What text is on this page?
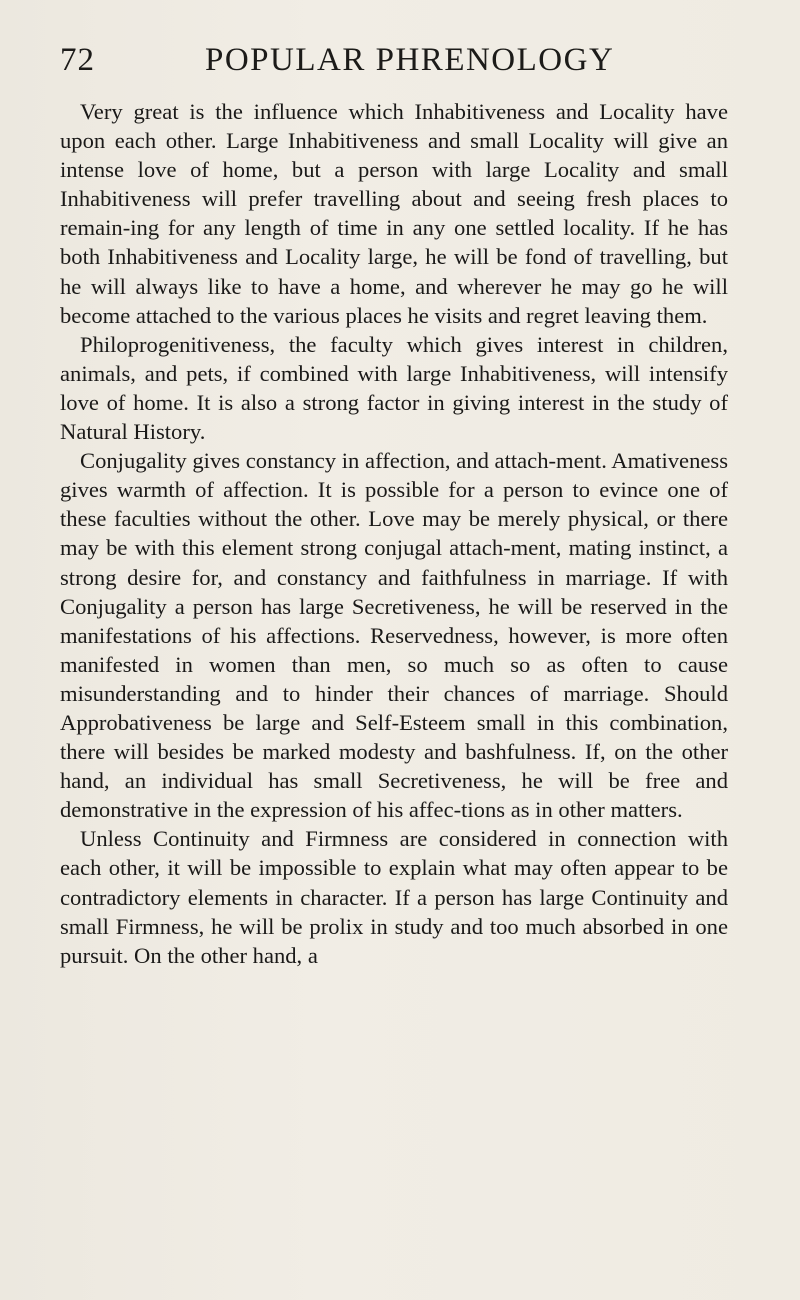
72	POPULAR PHRENOLOGY

Very great is the influence which Inhabitiveness and Locality have upon each other. Large Inhabitiveness and small Locality will give an intense love of home, but a person with large Locality and small Inhabitiveness will prefer travelling about and seeing fresh places to remain-ing for any length of time in any one settled locality. If he has both Inhabitiveness and Locality large, he will be fond of travelling, but he will always like to have a home, and wherever he may go he will become attached to the various places he visits and regret leaving them.

Philoprogenitiveness, the faculty which gives interest in children, animals, and pets, if combined with large Inhabitiveness, will intensify love of home. It is also a strong factor in giving interest in the study of Natural History.

Conjugality gives constancy in affection, and attach-ment. Amativeness gives warmth of affection. It is possible for a person to evince one of these faculties without the other. Love may be merely physical, or there may be with this element strong conjugal attach-ment, mating instinct, a strong desire for, and constancy and faithfulness in marriage. If with Conjugality a person has large Secretiveness, he will be reserved in the manifestations of his affections. Reservedness, however, is more often manifested in women than men, so much so as often to cause misunderstanding and to hinder their chances of marriage. Should Approbativeness be large and Self-Esteem small in this combination, there will besides be marked modesty and bashfulness. If, on the other hand, an individual has small Secretiveness, he will be free and demonstrative in the expression of his affec-tions as in other matters.

Unless Continuity and Firmness are considered in connection with each other, it will be impossible to explain what may often appear to be contradictory elements in character. If a person has large Continuity and small Firmness, he will be prolix in study and too much absorbed in one pursuit. On the other hand, a
